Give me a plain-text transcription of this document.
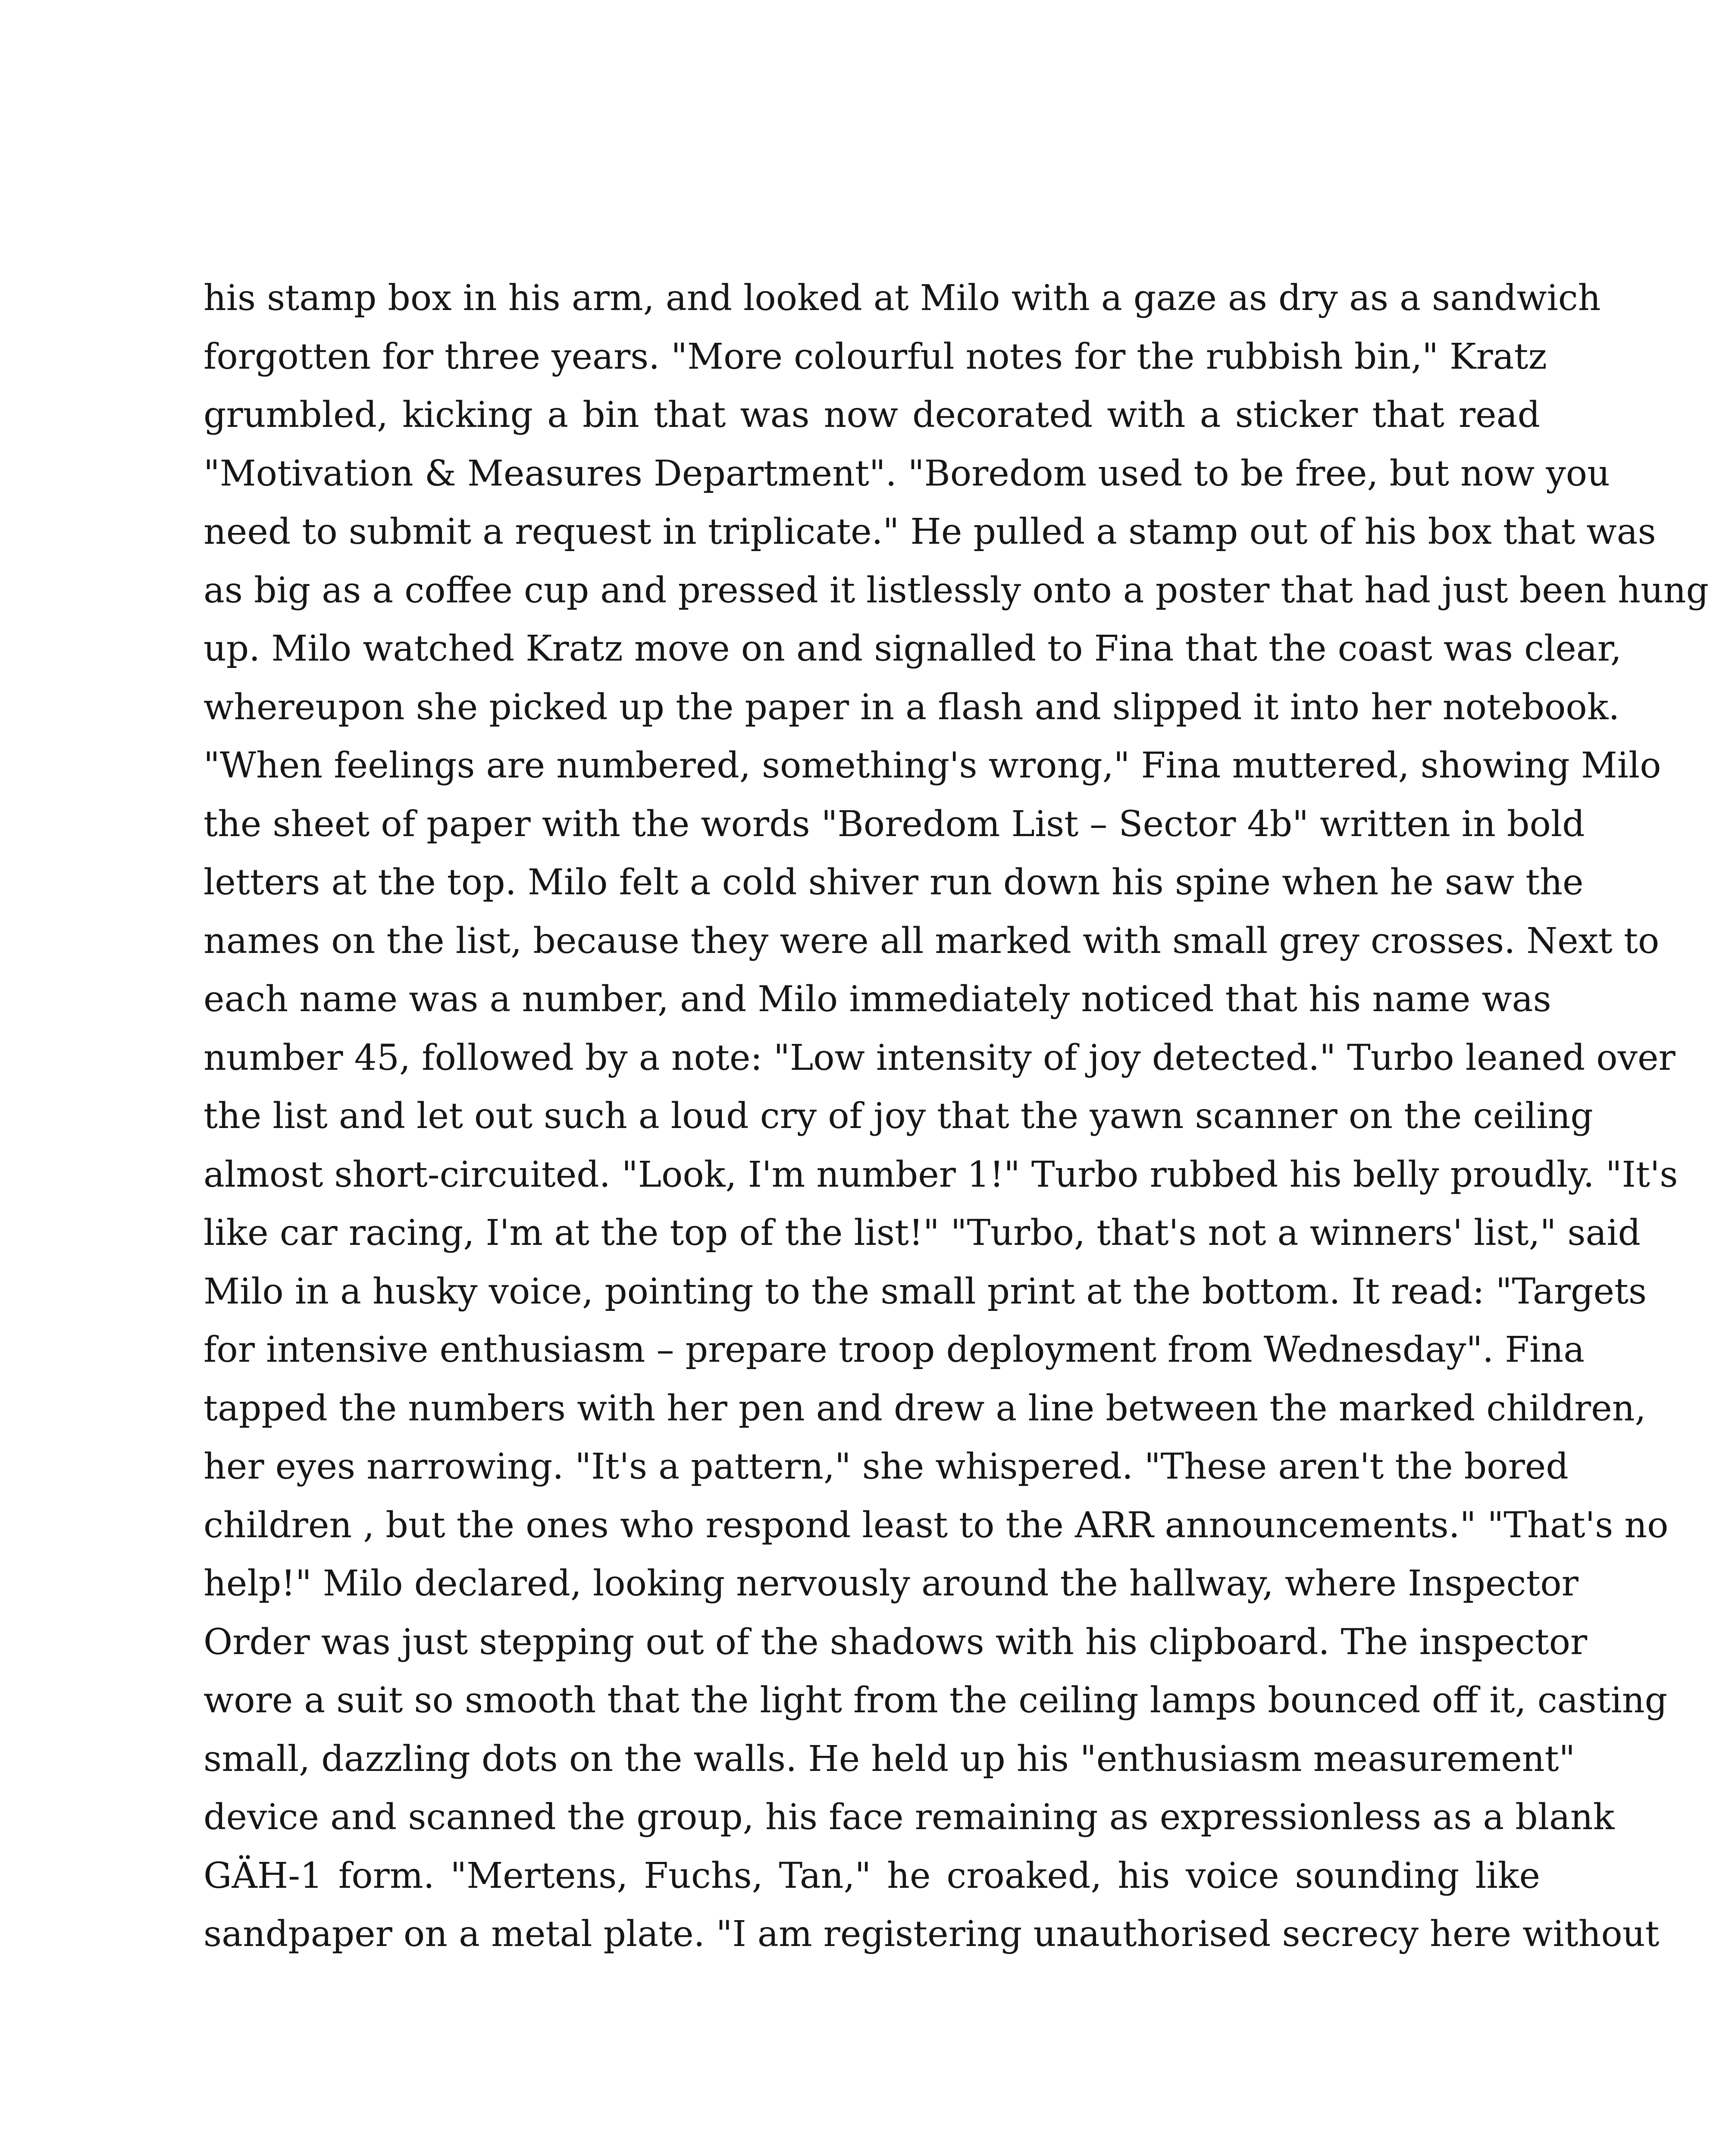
his stamp box in his arm, and looked at Milo with a gaze as dry as a sandwich
forgotten for three years. "More colourful notes for the rubbish bin," Kratz
grumbled, kicking a bin that was now decorated with a sticker that read
"Motivation & Measures Department". "Boredom used to be free, but now you
need to submit a request in triplicate." He pulled a stamp out of his box that was
as big as a coffee cup and pressed it listlessly onto a poster that had just been hung
up. Milo watched Kratz move on and signalled to Fina that the coast was clear,
whereupon she picked up the paper in a flash and slipped it into her notebook.
"When feelings are numbered, something's wrong," Fina muttered, showing Milo
the sheet of paper with the words "Boredom List – Sector 4b" written in bold
letters at the top. Milo felt a cold shiver run down his spine when he saw the
names on the list, because they were all marked with small grey crosses. Next to
each name was a number, and Milo immediately noticed that his name was
number 45, followed by a note: "Low intensity of joy detected." Turbo leaned over
the list and let out such a loud cry of joy that the yawn scanner on the ceiling
almost short-circuited. "Look, I'm number 1!" Turbo rubbed his belly proudly. "It's
like car racing, I'm at the top of the list!" "Turbo, that's not a winners' list," said
Milo in a husky voice, pointing to the small print at the bottom. It read: "Targets
for intensive enthusiasm – prepare troop deployment from Wednesday". Fina
tapped the numbers with her pen and drew a line between the marked children,
her eyes narrowing. "It's a pattern," she whispered. "These aren't the bored
children , but the ones who respond least to the ARR announcements." "That's no
help!" Milo declared, looking nervously around the hallway, where Inspector
Order was just stepping out of the shadows with his clipboard. The inspector
wore a suit so smooth that the light from the ceiling lamps bounced off it, casting
small, dazzling dots on the walls. He held up his "enthusiasm measurement"
device and scanned the group, his face remaining as expressionless as a blank
GÄH-1 form. "Mertens, Fuchs, Tan," he croaked, his voice sounding like
sandpaper on a metal plate. "I am registering unauthorised secrecy here without
